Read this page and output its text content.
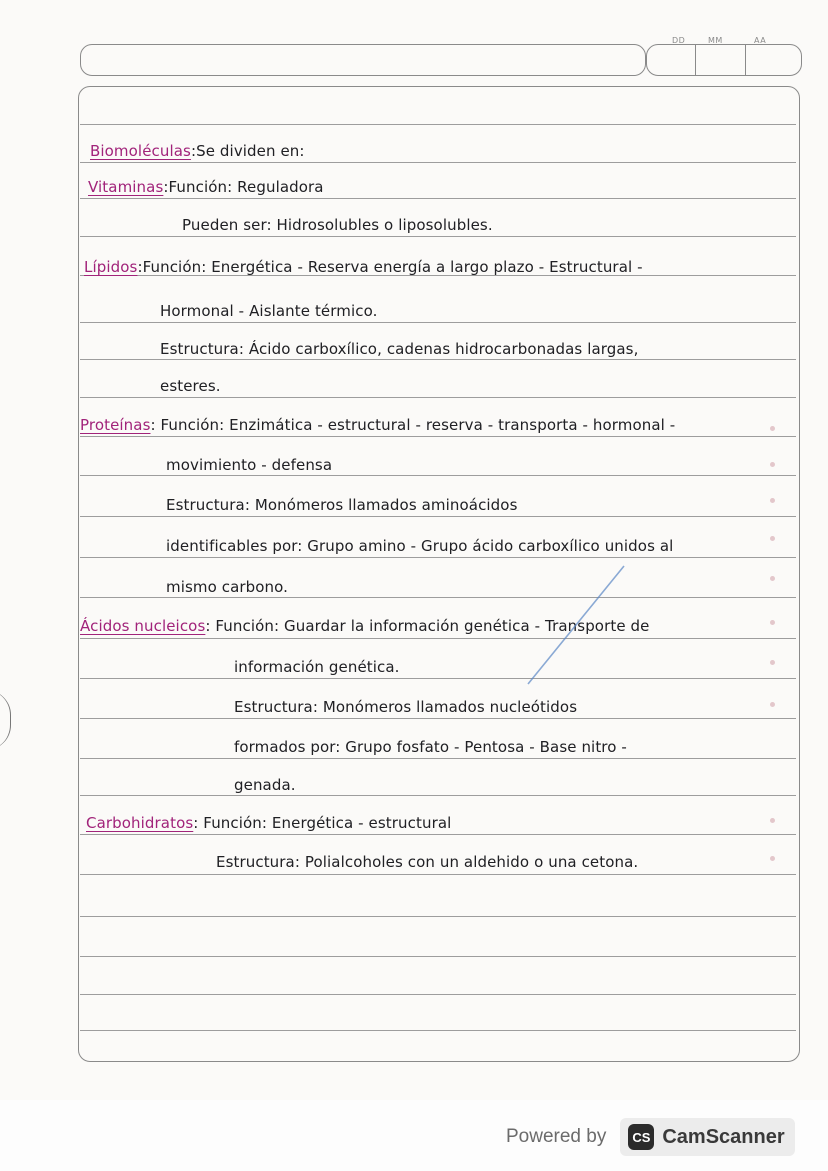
DD	MM	AA
Biomoléculas:Se dividen en:
Vitaminas:Función: Reguladora
Pueden ser: Hidrosolubles o liposolubles.
Lípidos:Función: Energética - Reserva energía a largo plazo - Estructural -
Hormonal - Aislante térmico.
Estructura: Ácido carboxílico, cadenas hidrocarbonadas largas,
esteres.
Proteínas: Función: Enzimática - estructural - reserva - transporta - hormonal -
movimiento - defensa
Estructura: Monómeros llamados aminoácidos
identificables por: Grupo amino - Grupo ácido carboxílico unidos al
mismo carbono.
Ácidos nucleicos: Función: Guardar la información genética - Transporte de
información genética.
Estructura: Monómeros llamados nucleótidos
formados por: Grupo fosfato - Pentosa - Base nitro -
genada.
Carbohidratos: Función: Energética - estructural
Estructura: Polialcoholes con un aldehido o una cetona.
Powered by	CS CamScanner
